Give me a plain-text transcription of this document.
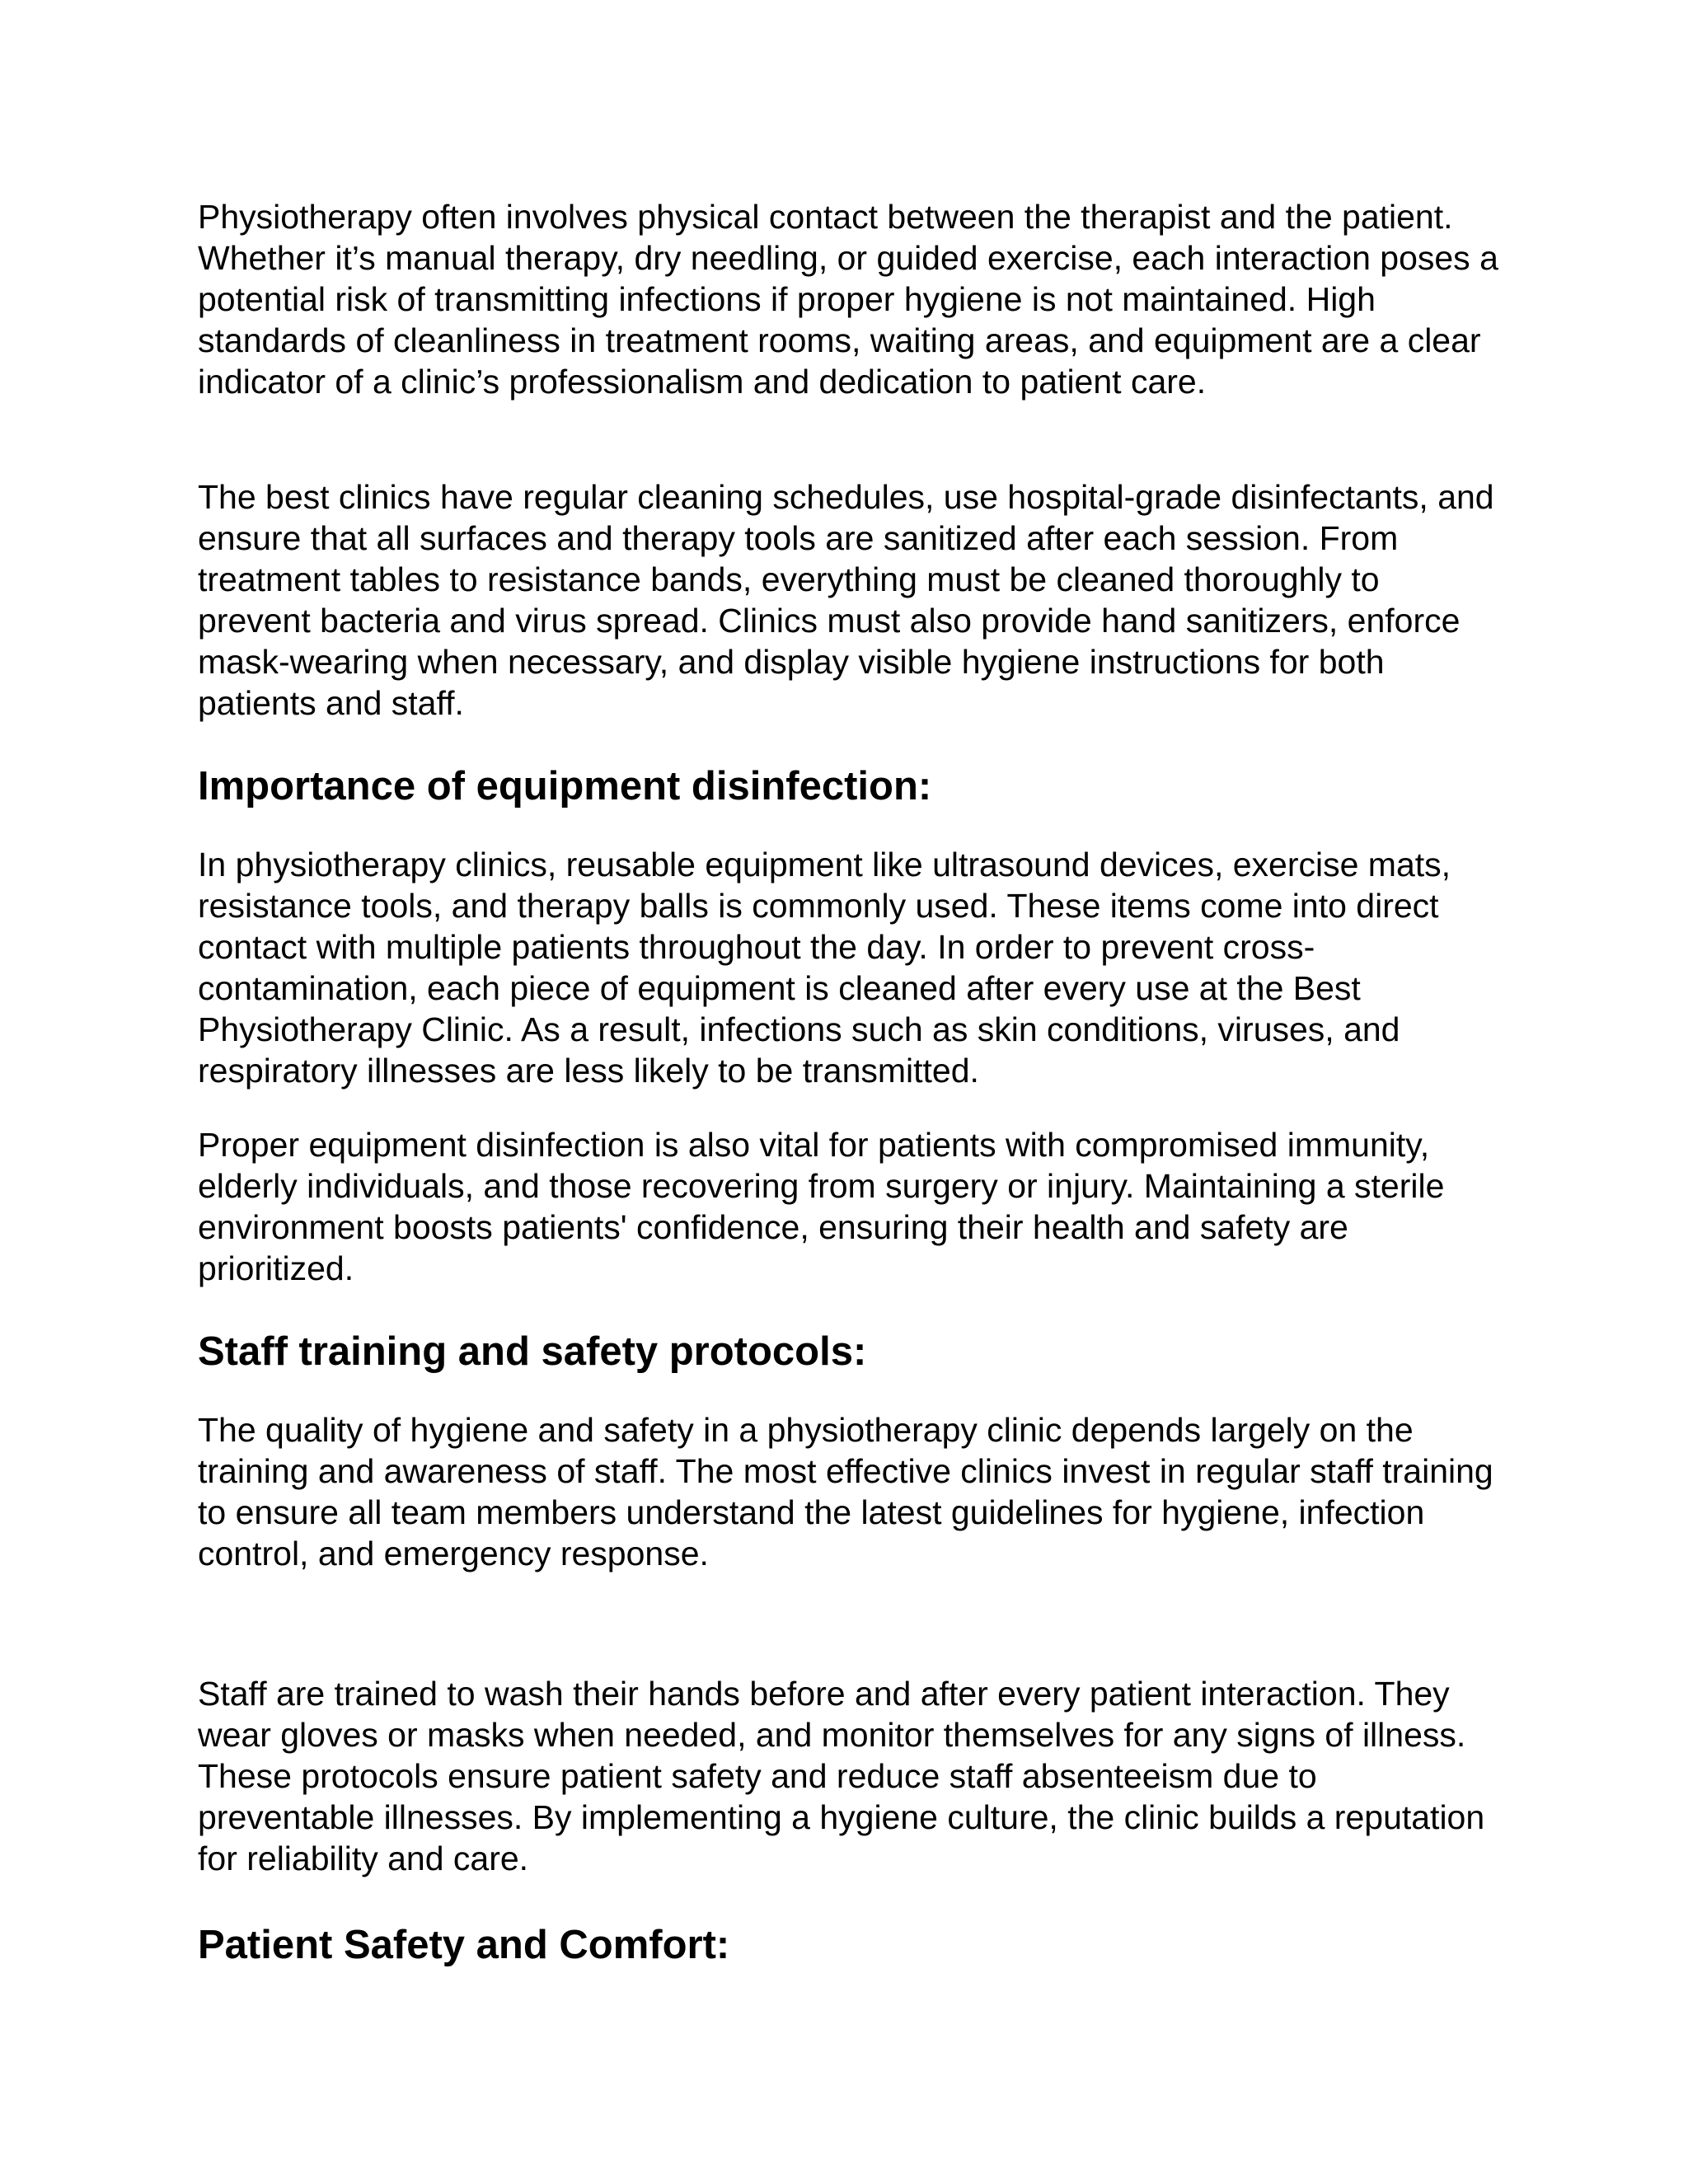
Physiotherapy often involves physical contact between the therapist and the patient. Whether it’s manual therapy, dry needling, or guided exercise, each interaction poses a potential risk of transmitting infections if proper hygiene is not maintained. High standards of cleanliness in treatment rooms, waiting areas, and equipment are a clear indicator of a clinic’s professionalism and dedication to patient care.

The best clinics have regular cleaning schedules, use hospital-grade disinfectants, and ensure that all surfaces and therapy tools are sanitized after each session. From treatment tables to resistance bands, everything must be cleaned thoroughly to prevent bacteria and virus spread. Clinics must also provide hand sanitizers, enforce mask-wearing when necessary, and display visible hygiene instructions for both patients and staff.

Importance of equipment disinfection:

In physiotherapy clinics, reusable equipment like ultrasound devices, exercise mats, resistance tools, and therapy balls is commonly used. These items come into direct contact with multiple patients throughout the day. In order to prevent cross-contamination, each piece of equipment is cleaned after every use at the Best Physiotherapy Clinic. As a result, infections such as skin conditions, viruses, and respiratory illnesses are less likely to be transmitted.

Proper equipment disinfection is also vital for patients with compromised immunity, elderly individuals, and those recovering from surgery or injury. Maintaining a sterile environment boosts patients' confidence, ensuring their health and safety are prioritized.

Staff training and safety protocols:

The quality of hygiene and safety in a physiotherapy clinic depends largely on the training and awareness of staff. The most effective clinics invest in regular staff training to ensure all team members understand the latest guidelines for hygiene, infection control, and emergency response.

Staff are trained to wash their hands before and after every patient interaction. They wear gloves or masks when needed, and monitor themselves for any signs of illness. These protocols ensure patient safety and reduce staff absenteeism due to preventable illnesses. By implementing a hygiene culture, the clinic builds a reputation for reliability and care.

Patient Safety and Comfort:
